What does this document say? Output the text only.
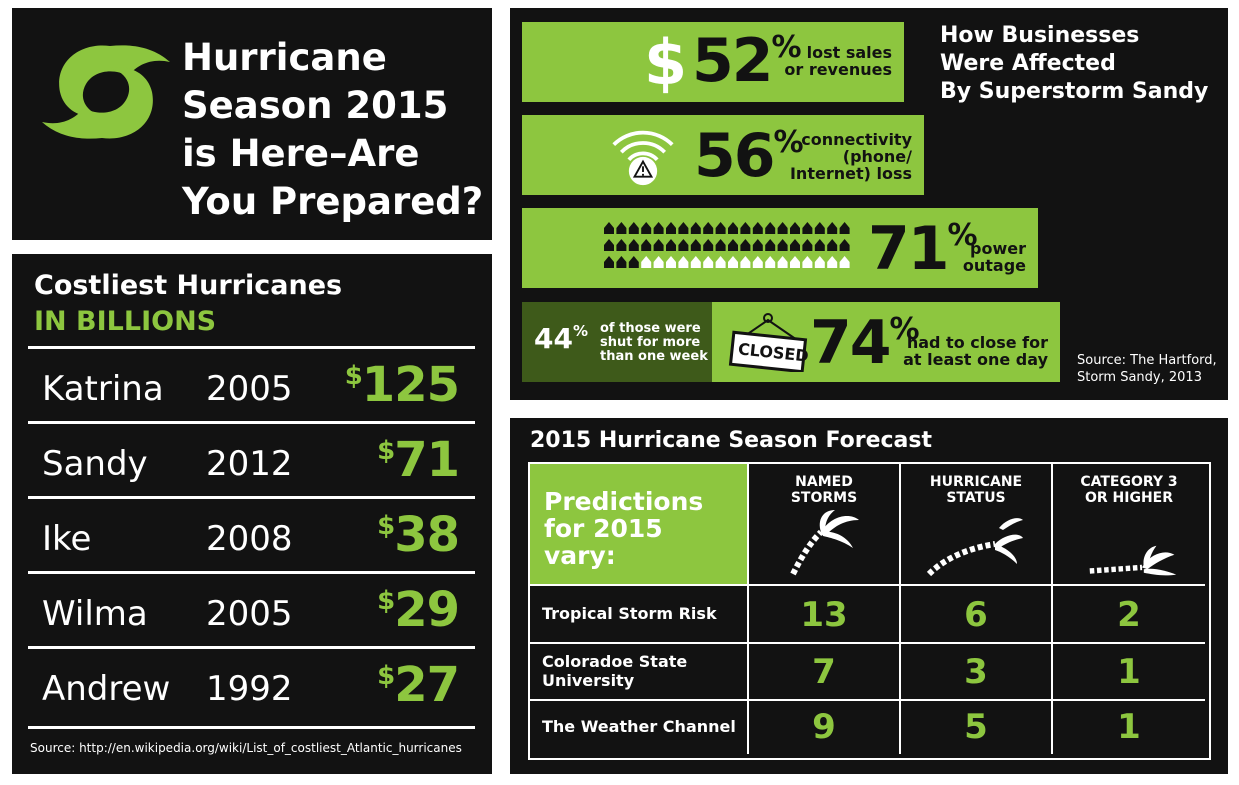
Hurricane
Season 2015
is Here–Are
You Prepared?
Costliest Hurricanes
IN BILLIONS
Katrina 2005 $125
Sandy 2012	$71
Ike	2008	$38
Wilma 2005	$29
Andrew 1992	$27
Source: http://en.wikipedia.org/wiki/List_of_costliest_Atlantic_hurricanes
How Businesses
Were Affected
By Superstorm Sandy
$ 52% lost sales
or revenues
56% connectivity
(phone/
Internet) loss
71%
power
outage
44% of those were
shut for more
than one week CLOSED 74%
had to close for
at least one day Source: The Hartford,
Storm Sandy, 2013
2015 Hurricane Season Forecast
Predictions
for 2015
vary:
NAMED
STORMS
HURRICANE
STATUS
CATEGORY 3
OR HIGHER
Tropical Storm Risk	13	6	2
Coloradoe State
University	7	3	1
The Weather Channel	9	5	1
